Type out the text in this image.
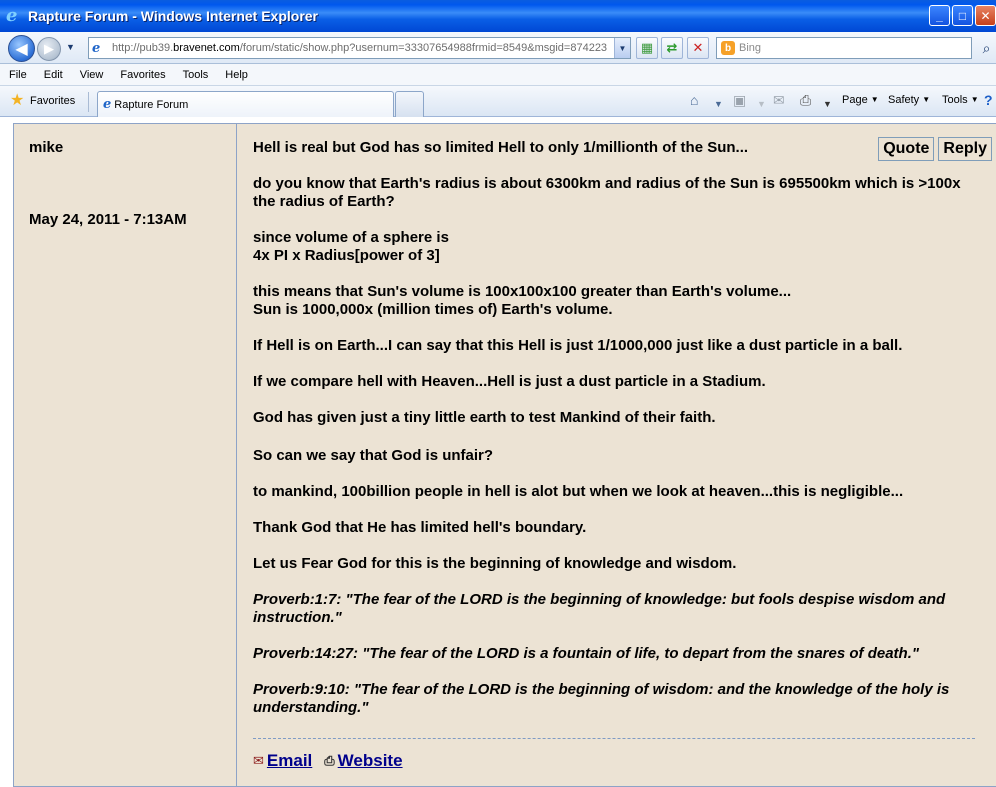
e Rapture Forum - Windows Internet Explorer	_	□	✕
◀ ▶ ▼ e	http://pub39. bravenet.com /forum/static/show.php?usernum=33307654988frmid=8549&msgid=874223	▼ ▦ ⇄ ✕	b Bing	⌕
File	Edit	View	Favorites	Tools	Help
★ Favorites e Rapture Forum	⌂ ▼ ▣ ▼ ✉ ⎙ ▼ Page ▼ Safety ▼ Tools ▼ ?
mike
May 24, 2011 - 7:13AM
Quote Reply

Hell is real but God has so limited Hell to only 1/millionth of the Sun...

do you know that Earth's radius is about 6300km and radius of the Sun is 695500km which is >100x the radius of Earth?

since volume of a sphere is
4x PI x Radius[power of 3]

this means that Sun's volume is 100x100x100 greater than Earth's volume...
Sun is 1000,000x (million times of) Earth's volume.

If Hell is on Earth...I can say that this Hell is just 1/1000,000 just like a dust particle in a ball.

If we compare hell with Heaven...Hell is just a dust particle in a Stadium.

God has given just a tiny little earth to test Mankind of their faith.

So can we say that God is unfair?

to mankind, 100billion people in hell is alot but when we look at heaven...this is negligible...

Thank God that He has limited hell's boundary.

Let us Fear God for this is the beginning of knowledge and wisdom.

Proverb:1:7: "The fear of the LORD is the beginning of knowledge: but fools despise wisdom and instruction."

Proverb:14:27: "The fear of the LORD is a fountain of life, to depart from the snares of death."

Proverb:9:10: "The fear of the LORD is the beginning of wisdom: and the knowledge of the holy is understanding."

✉ Email ⎙ Website
